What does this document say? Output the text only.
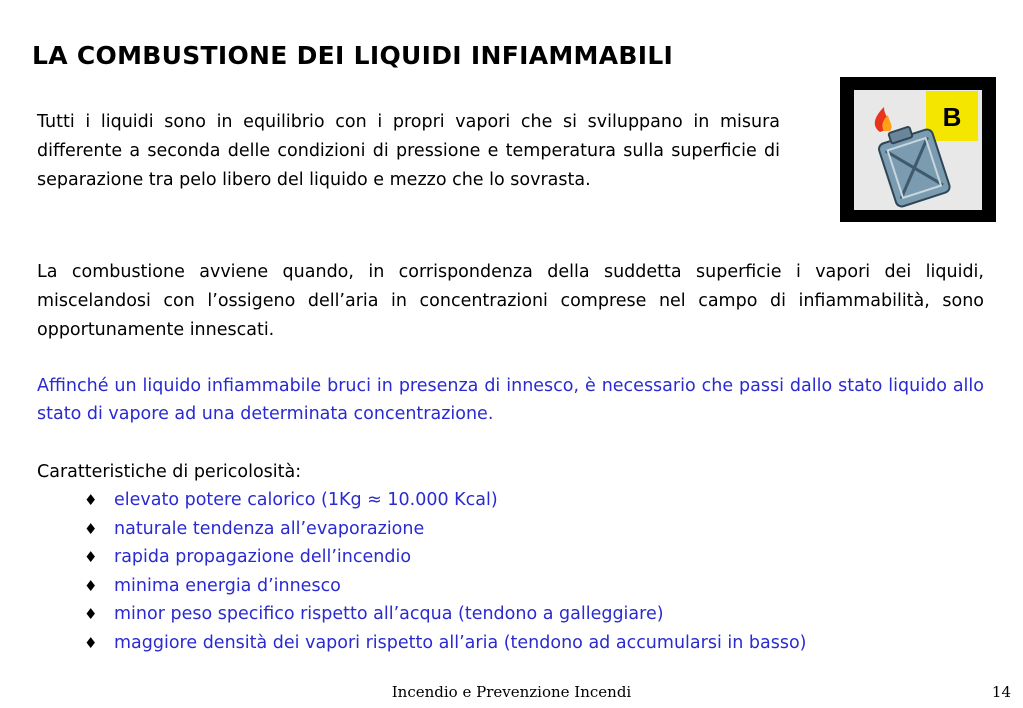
LA COMBUSTIONE DEI LIQUIDI INFIAMMABILI
B

Tutti i liquidi sono in equilibrio con i propri vapori che si sviluppano in misura differente a seconda delle condizioni di pressione e temperatura sulla superficie di separazione tra pelo libero del liquido e mezzo che lo sovrasta.

La combustione avviene quando, in corrispondenza della suddetta superficie i vapori dei liquidi, miscelandosi con l’ossigeno dell’aria in concentrazioni comprese nel campo di infiammabilità, sono opportunamente innescati.

Affinché un liquido infiammabile bruci in presenza di innesco, è necessario che passi dallo stato liquido allo stato di vapore ad una determinata concentrazione.

Caratteristiche di pericolosità:

♦ elevato potere calorico (1Kg ≈ 10.000 Kcal)
♦ naturale tendenza all’evaporazione
♦ rapida propagazione dell’incendio
♦ minima energia d’innesco
♦ minor peso specifico rispetto all’acqua (tendono a galleggiare)
♦ maggiore densità dei vapori rispetto all’aria (tendono ad accumularsi in basso)
Incendio e Prevenzione Incendi	14
